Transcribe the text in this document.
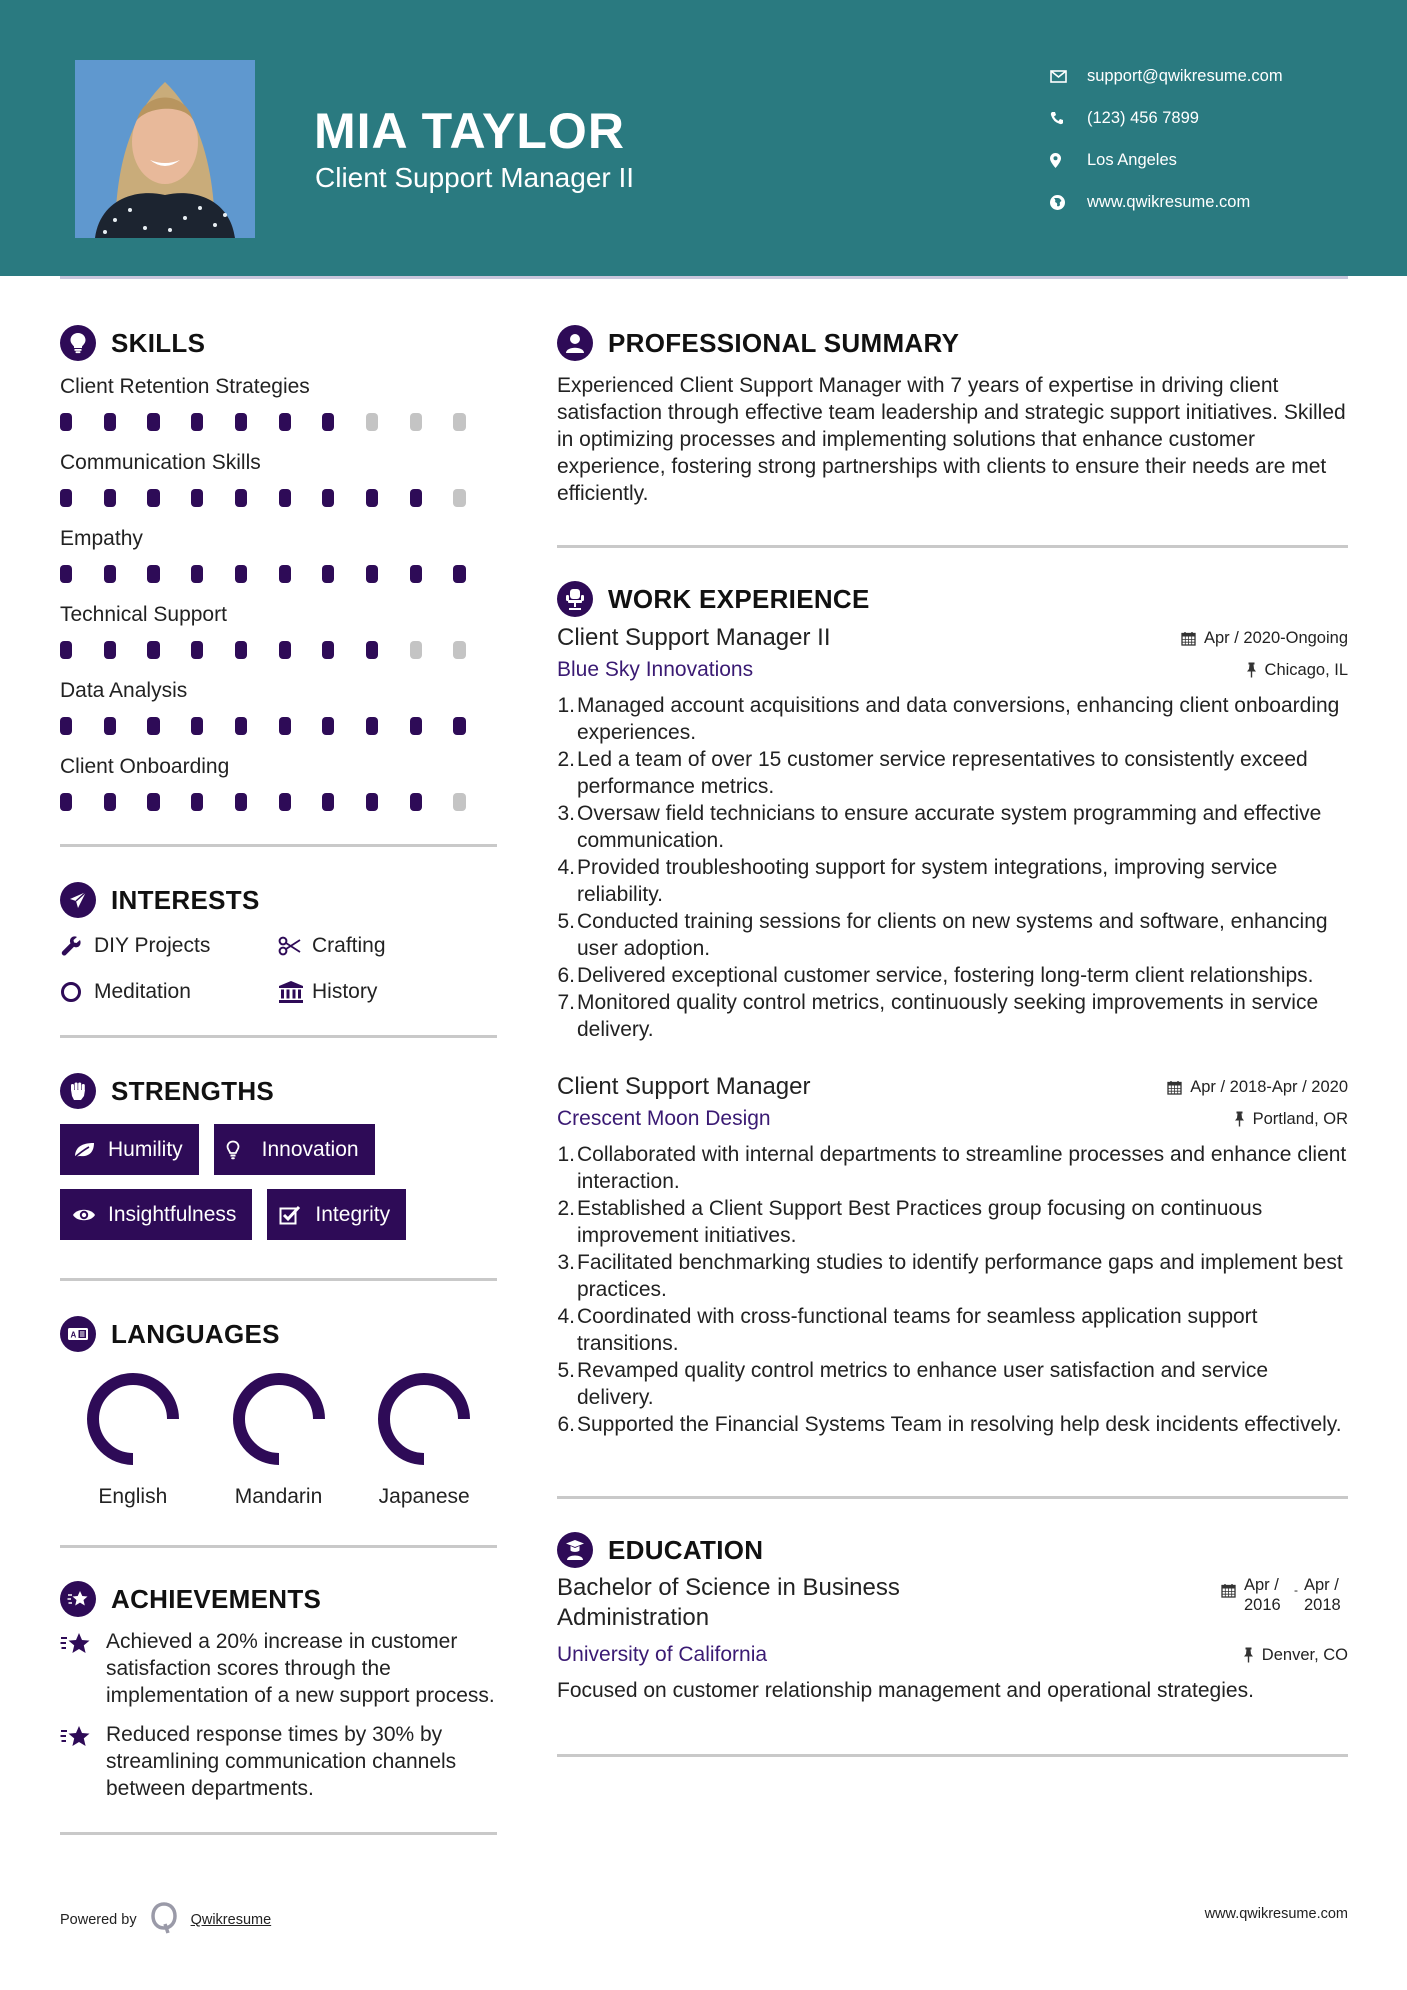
MIA TAYLOR
Client Support Manager II
support@qwikresume.com
(123) 456 7899
Los Angeles
www.qwikresume.com
SKILLS
Client Retention Strategies
Communication Skills
Empathy
Technical Support
Data Analysis
Client Onboarding
INTERESTS
DIY Projects	Crafting
Meditation	History
STRENGTHS
Humility	Innovation
Insightfulness	Integrity
A LANGUAGES
English	Mandarin	Japanese
ACHIEVEMENTS
Achieved a 20% increase in customer satisfaction scores through the implementation of a new support process.
Reduced response times by 30% by streamlining communication channels between departments.
PROFESSIONAL SUMMARY

Experienced Client Support Manager with 7 years of expertise in driving client satisfaction through effective team leadership and strategic support initiatives. Skilled in optimizing processes and implementing solutions that enhance customer experience, fostering strong partnerships with clients to ensure their needs are met efficiently.

WORK EXPERIENCE
Client Support Manager II	Apr / 2020-Ongoing
Blue Sky Innovations	Chicago, IL
1. Managed account acquisitions and data conversions, enhancing client onboarding experiences.
2. Led a team of over 15 customer service representatives to consistently exceed performance metrics.
3. Oversaw field technicians to ensure accurate system programming and effective communication.
4. Provided troubleshooting support for system integrations, improving service reliability.
5. Conducted training sessions for clients on new systems and software, enhancing user adoption.
6. Delivered exceptional customer service, fostering long-term client relationships.
7. Monitored quality control metrics, continuously seeking improvements in service delivery.
Client Support Manager	Apr / 2018-Apr / 2020
Crescent Moon Design	Portland, OR
1. Collaborated with internal departments to streamline processes and enhance client interaction.
2. Established a Client Support Best Practices group focusing on continuous improvement initiatives.
3. Facilitated benchmarking studies to identify performance gaps and implement best practices.
4. Coordinated with cross-functional teams for seamless application support transitions.
5. Revamped quality control metrics to enhance user satisfaction and service delivery.
6. Supported the Financial Systems Team in resolving help desk incidents effectively.
EDUCATION
Bachelor of Science in Business Administration
Apr / 2016
- Apr / 2018
University of California	Denver, CO

Focused on customer relationship management and operational strategies.

Powered by	Qwikresume	www.qwikresume.com
